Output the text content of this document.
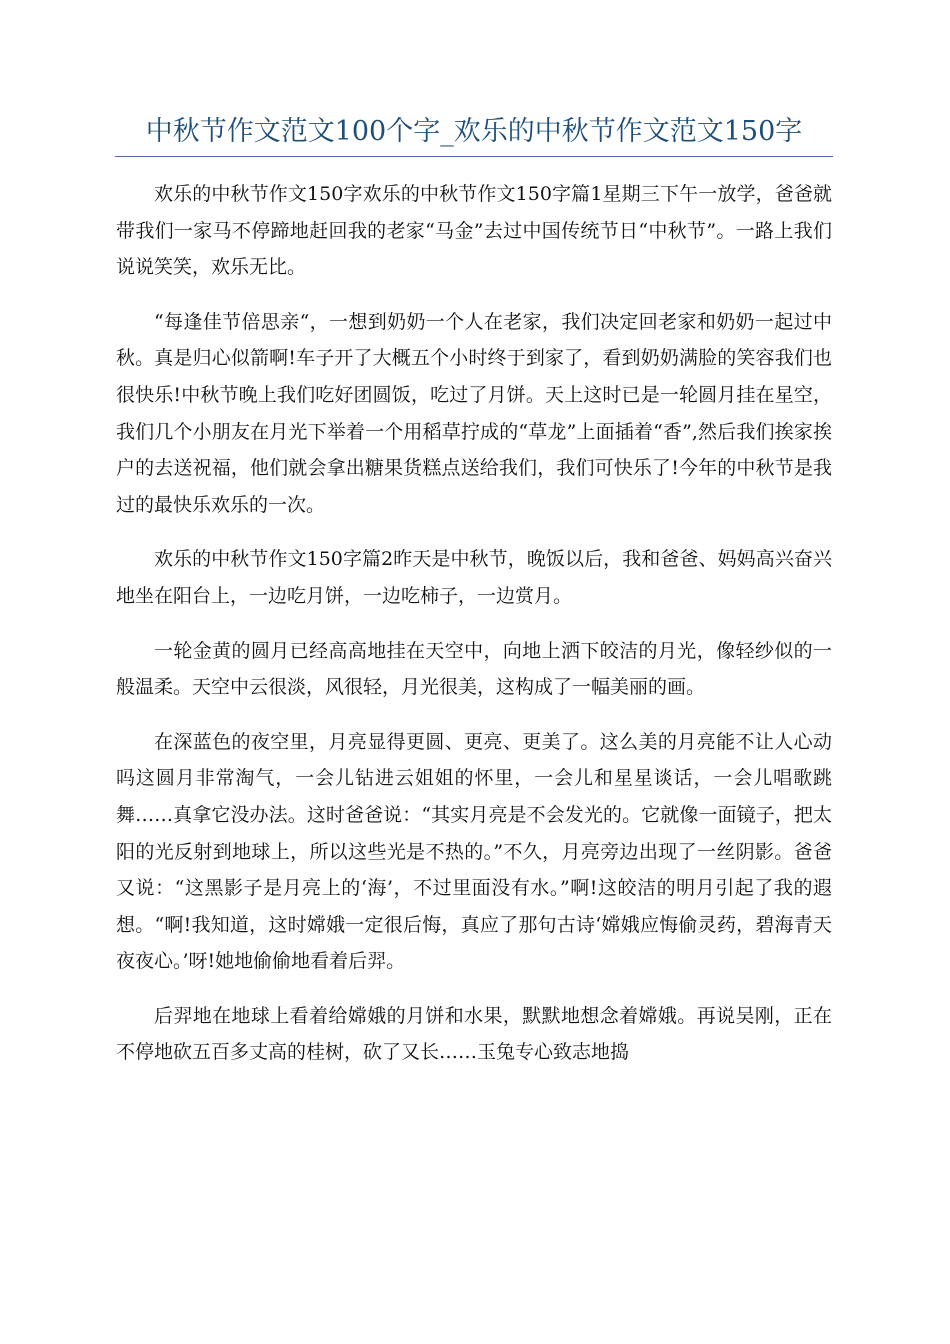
中秋节作文范文100个字_欢乐的中秋节作文范文150字

欢乐的中秋节作文150字欢乐的中秋节作文150字篇1星期三下午一放学，爸爸就带我们一家马不停蹄地赶回我的老家“马金”去过中国传统节日“中秋节”。一路上我们说说笑笑，欢乐无比。

“每逢佳节倍思亲“，一想到奶奶一个人在老家，我们决定回老家和奶奶一起过中秋。真是归心似箭啊!车子开了大概五个小时终于到家了，看到奶奶满脸的笑容我们也很快乐!中秋节晚上我们吃好团圆饭，吃过了月饼。天上这时已是一轮圆月挂在星空，我们几个小朋友在月光下举着一个用稻草拧成的“草龙”上面插着“香”,然后我们挨家挨户的去送祝福，他们就会拿出糖果货糕点送给我们，我们可快乐了!今年的中秋节是我过的最快乐欢乐的一次。

欢乐的中秋节作文150字篇2昨天是中秋节，晚饭以后，我和爸爸、妈妈高兴奋兴地坐在阳台上，一边吃月饼，一边吃柿子，一边赏月。

一轮金黄的圆月已经高高地挂在天空中，向地上洒下皎洁的月光，像轻纱似的一般温柔。天空中云很淡，风很轻，月光很美，这构成了一幅美丽的画。

在深蓝色的夜空里，月亮显得更圆、更亮、更美了。这么美的月亮能不让人心动吗这圆月非常淘气，一会儿钻进云姐姐的怀里，一会儿和星星谈话，一会儿唱歌跳舞……真拿它没办法。这时爸爸说：“其实月亮是不会发光的。它就像一面镜子，把太阳的光反射到地球上，所以这些光是不热的。”不久，月亮旁边出现了一丝阴影。爸爸又说：“这黑影子是月亮上的‘海’，不过里面没有水。”啊!这皎洁的明月引起了我的遐想。“啊!我知道，这时嫦娥一定很后悔，真应了那句古诗‘嫦娥应悔偷灵药，碧海青天夜夜心。’呀!她地偷偷地看着后羿。

后羿地在地球上看着给嫦娥的月饼和水果，默默地想念着嫦娥。再说吴刚，正在不停地砍五百多丈高的桂树，砍了又长……玉兔专心致志地捣
